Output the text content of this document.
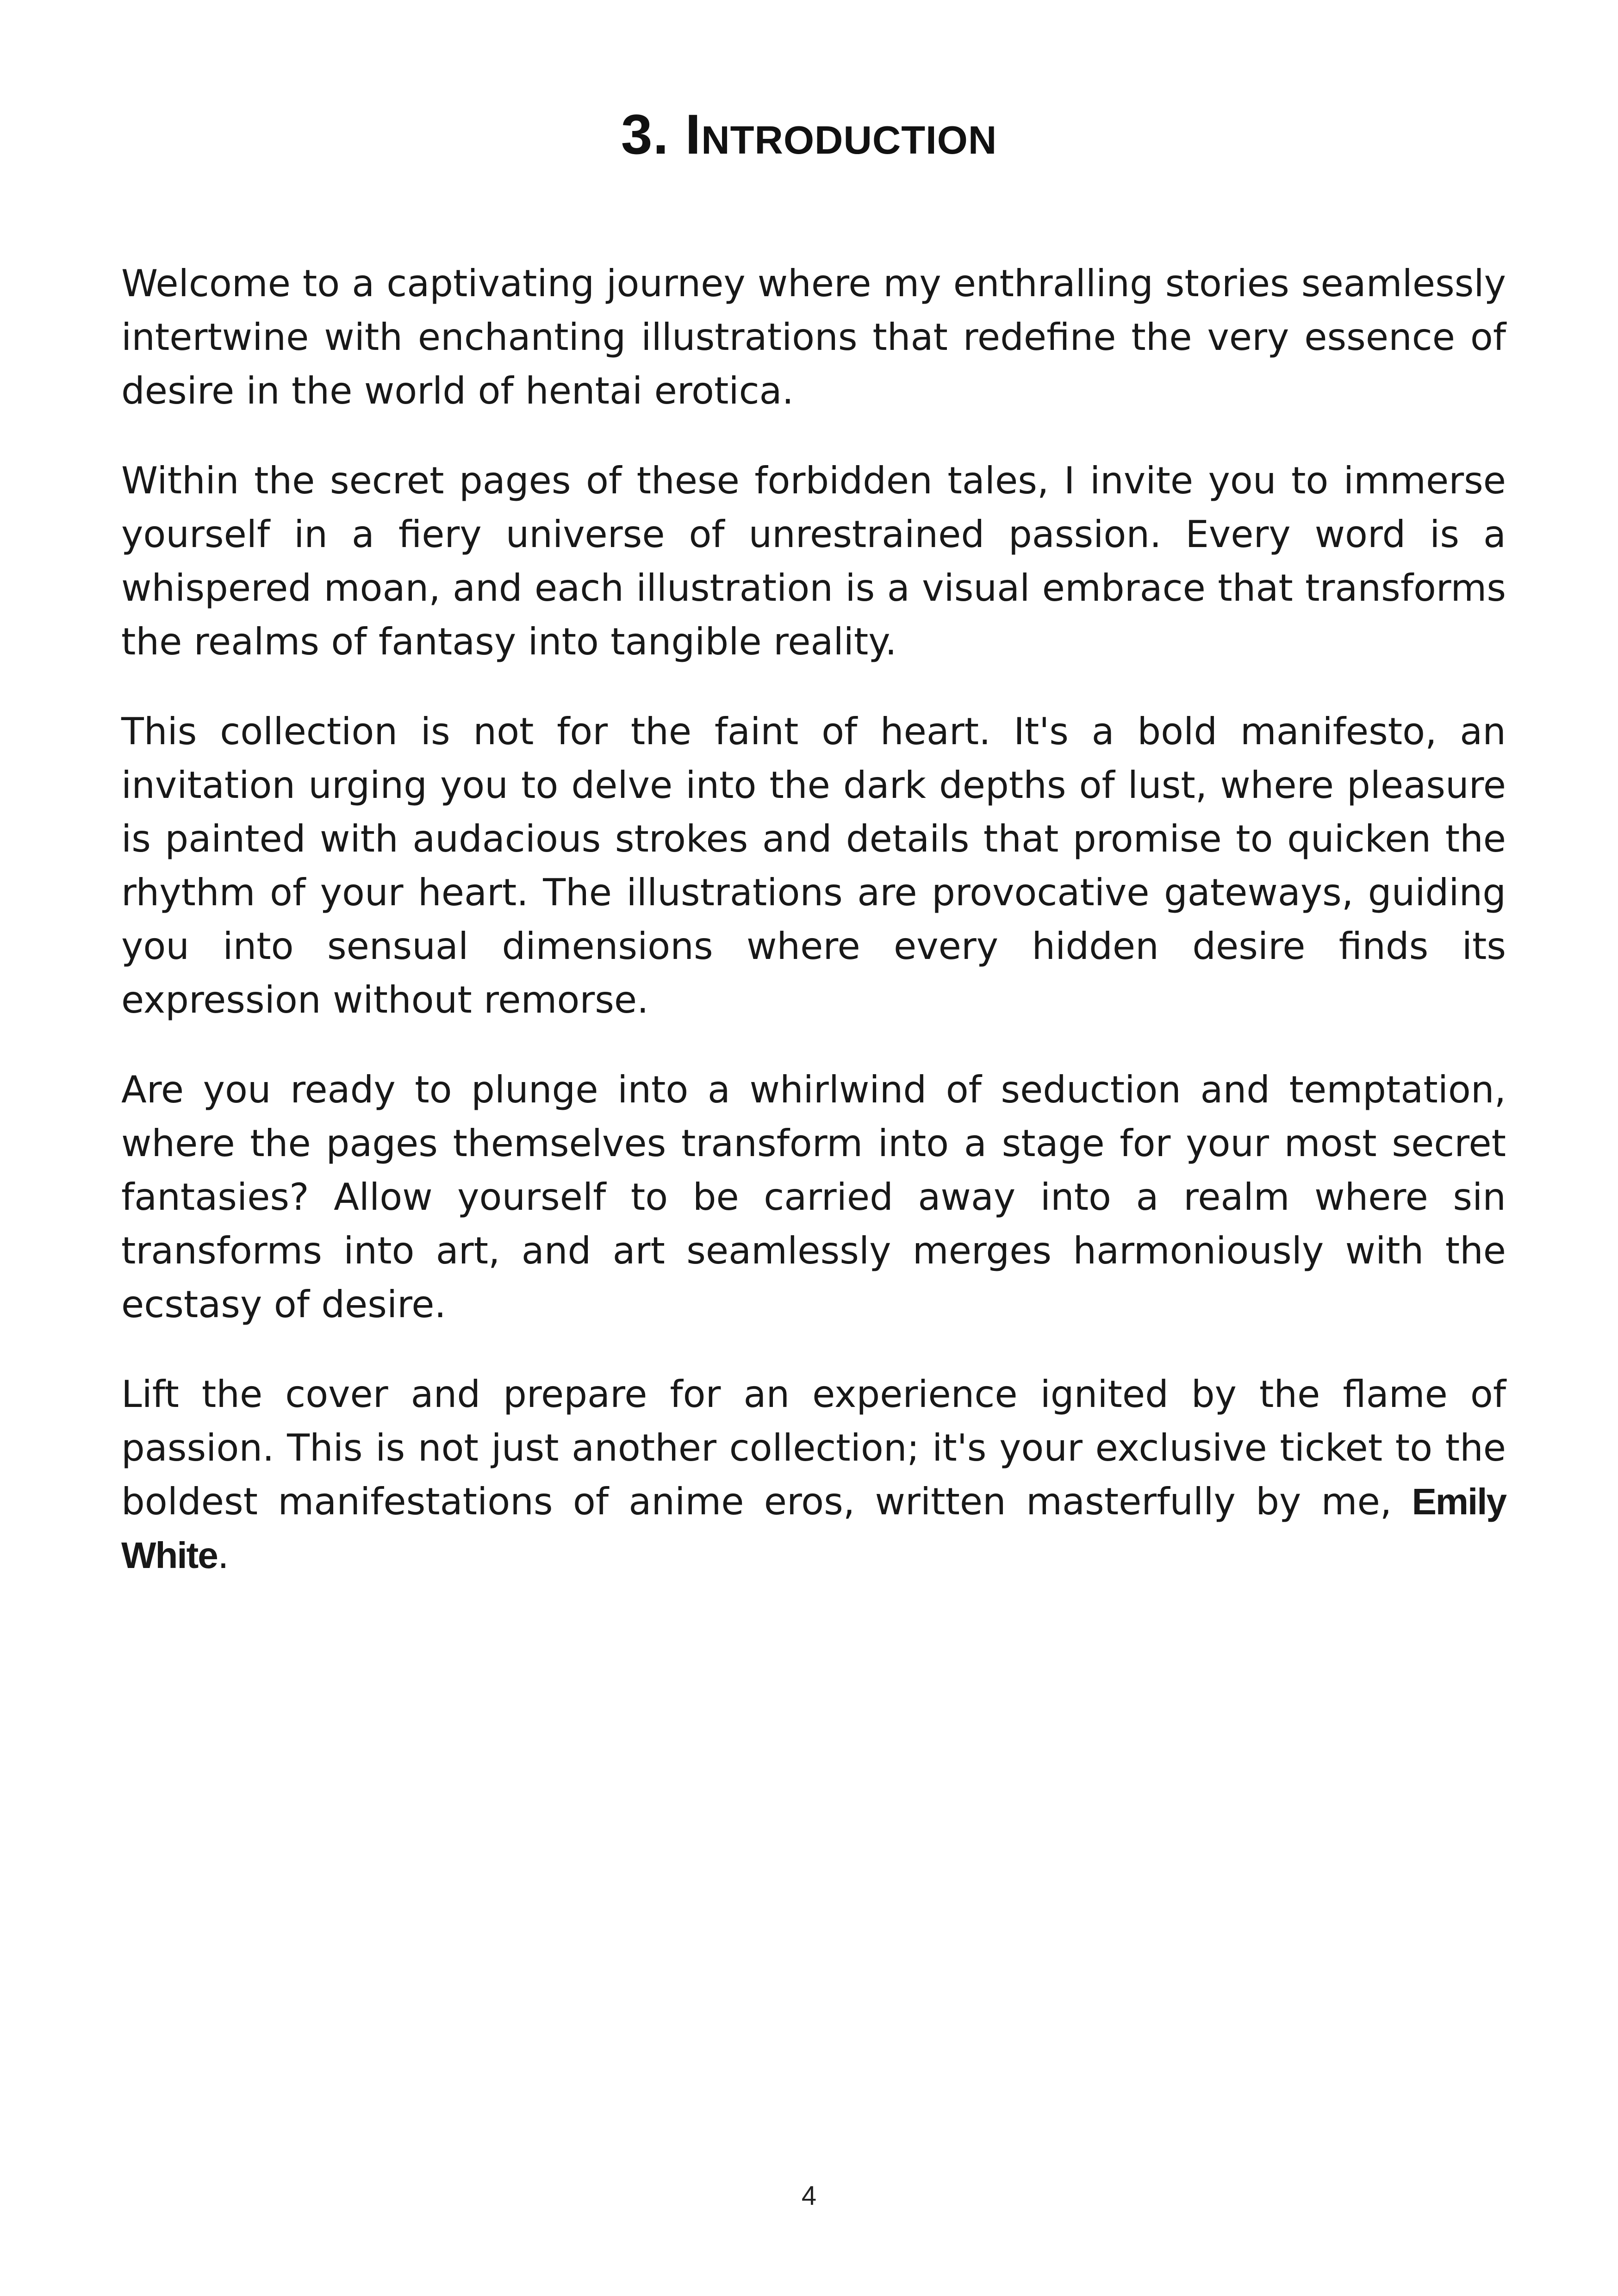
3. Introduction

Welcome to a captivating journey where my enthralling stories seamlessly intertwine with enchanting illustrations that redefine the very essence of desire in the world of hentai erotica.

Within the secret pages of these forbidden tales, I invite you to immerse yourself in a fiery universe of unrestrained passion. Every word is a whispered moan, and each illustration is a visual embrace that transforms the realms of fantasy into tangible reality.

This collection is not for the faint of heart. It's a bold manifesto, an invitation urging you to delve into the dark depths of lust, where pleasure is painted with audacious strokes and details that promise to quicken the rhythm of your heart. The illustrations are provocative gateways, guiding you into sensual dimensions where every hidden desire finds its expression without remorse.

Are you ready to plunge into a whirlwind of seduction and temptation, where the pages themselves transform into a stage for your most secret fantasies? Allow yourself to be carried away into a realm where sin transforms into art, and art seamlessly merges harmoniously with the ecstasy of desire.

Lift the cover and prepare for an experience ignited by the flame of passion. This is not just another collection; it's your exclusive ticket to the boldest manifestations of anime eros, written masterfully by me, Emily White.

4
